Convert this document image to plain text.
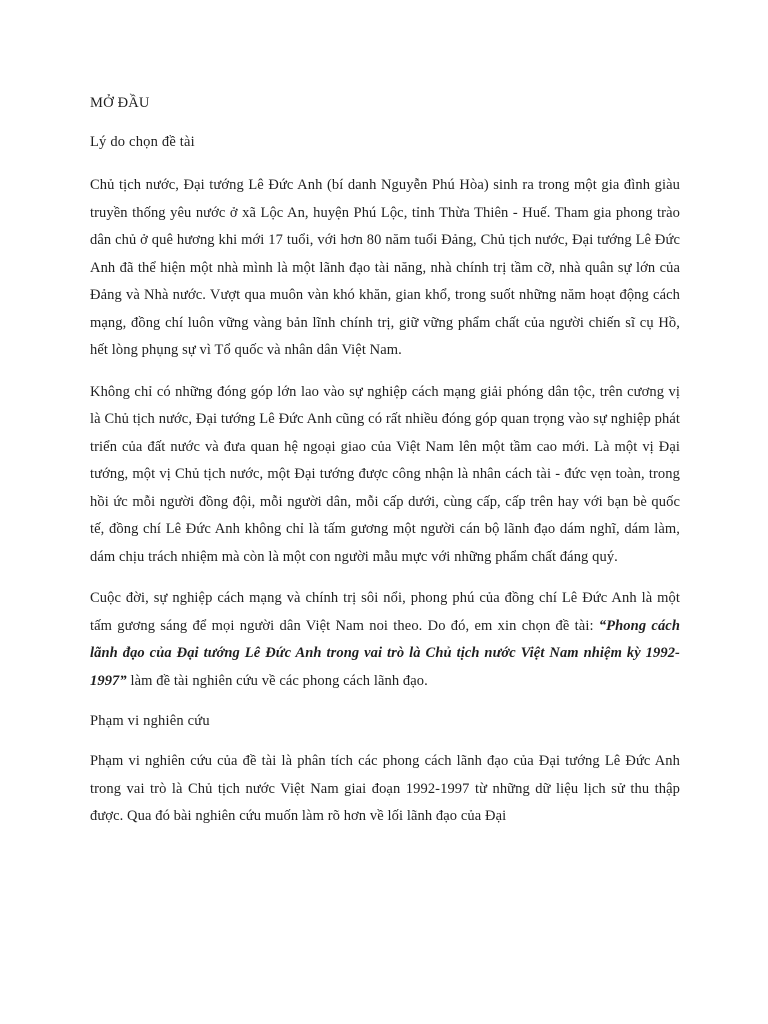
MỞ ĐẦU
Lý do chọn đề tài

Chủ tịch nước, Đại tướng Lê Đức Anh (bí danh Nguyễn Phú Hòa) sinh ra trong một gia đình giàu truyền thống yêu nước ở xã Lộc An, huyện Phú Lộc, tỉnh Thừa Thiên - Huế. Tham gia phong trào dân chủ ở quê hương khi mới 17 tuổi, với hơn 80 năm tuổi Đảng, Chủ tịch nước, Đại tướng Lê Đức Anh đã thể hiện một nhà mình là một lãnh đạo tài năng, nhà chính trị tầm cỡ, nhà quân sự lớn của Đảng và Nhà nước. Vượt qua muôn vàn khó khăn, gian khổ, trong suốt những năm hoạt động cách mạng, đồng chí luôn vững vàng bản lĩnh chính trị, giữ vững phẩm chất của người chiến sĩ cụ Hồ, hết lòng phụng sự vì Tổ quốc và nhân dân Việt Nam.

Không chỉ có những đóng góp lớn lao vào sự nghiệp cách mạng giải phóng dân tộc, trên cương vị là Chủ tịch nước, Đại tướng Lê Đức Anh cũng có rất nhiều đóng góp quan trọng vào sự nghiệp phát triển của đất nước và đưa quan hệ ngoại giao của Việt Nam lên một tầm cao mới. Là một vị Đại tướng, một vị Chủ tịch nước, một Đại tướng được công nhận là nhân cách tài - đức vẹn toàn, trong hồi ức mỗi người đồng đội, mỗi người dân, mỗi cấp dưới, cùng cấp, cấp trên hay với bạn bè quốc tế, đồng chí Lê Đức Anh không chỉ là tấm gương một người cán bộ lãnh đạo dám nghĩ, dám làm, dám chịu trách nhiệm mà còn là một con người mẫu mực với những phẩm chất đáng quý.

Cuộc đời, sự nghiệp cách mạng và chính trị sôi nổi, phong phú của đồng chí Lê Đức Anh là một tấm gương sáng để mọi người dân Việt Nam noi theo. Do đó, em xin chọn đề tài: “Phong cách lãnh đạo của Đại tướng Lê Đức Anh trong vai trò là Chủ tịch nước Việt Nam nhiệm kỳ 1992-1997” làm đề tài nghiên cứu về các phong cách lãnh đạo.

Phạm vi nghiên cứu

Phạm vi nghiên cứu của đề tài là phân tích các phong cách lãnh đạo của Đại tướng Lê Đức Anh trong vai trò là Chủ tịch nước Việt Nam giai đoạn 1992-1997 từ những dữ liệu lịch sử thu thập được. Qua đó bài nghiên cứu muốn làm rõ hơn về lối lãnh đạo của Đại
